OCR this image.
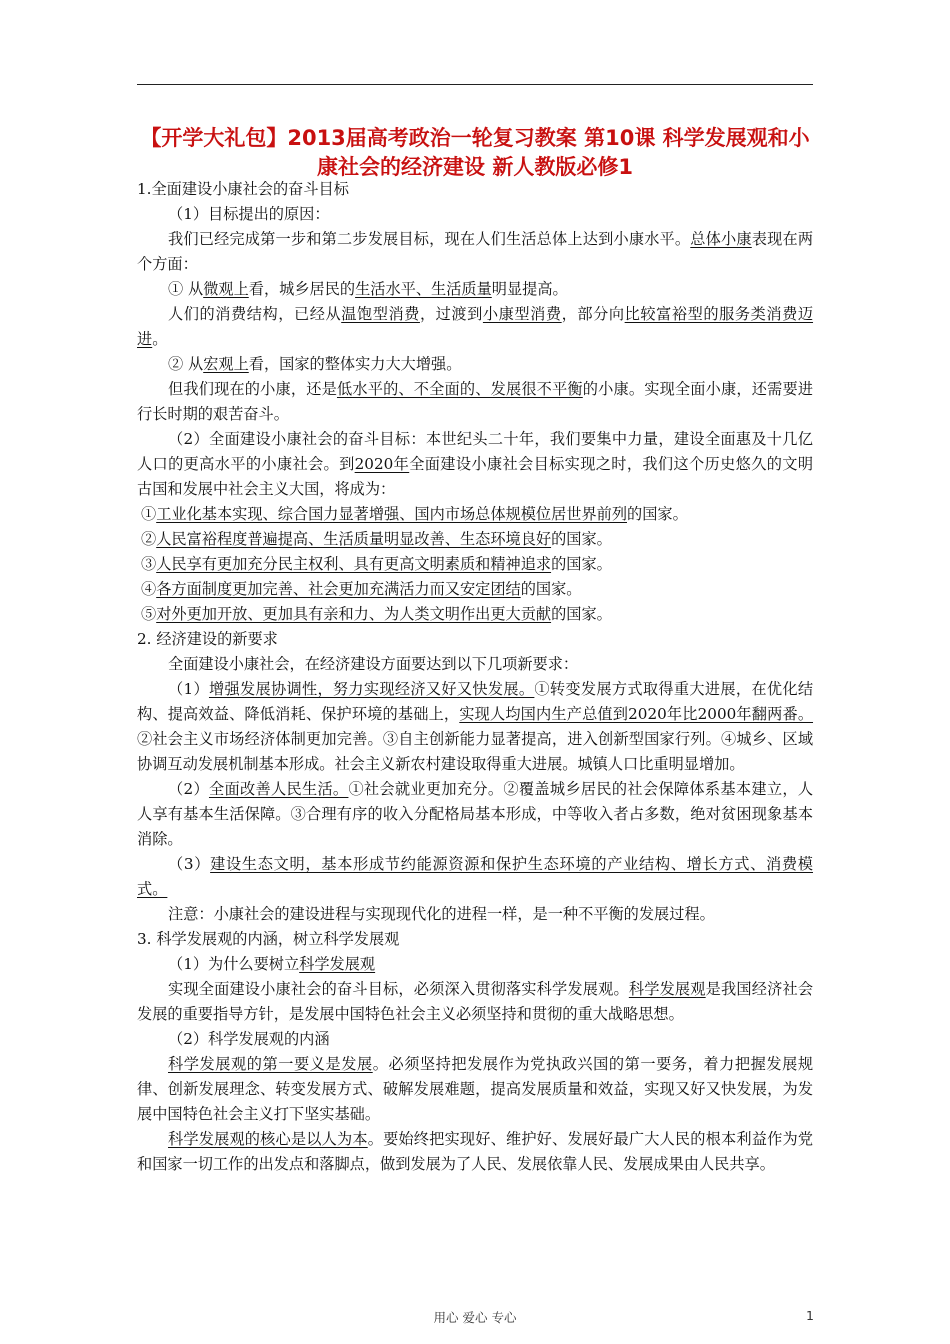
【开学大礼包】2013届高考政治一轮复习教案 第10课 科学发展观和小康社会的经济建设 新人教版必修1

1.全面建设小康社会的奋斗目标

（1）目标提出的原因：

我们已经完成第一步和第二步发展目标，现在人们生活总体上达到小康水平。总体小康表现在两个方面：

① 从微观上看，城乡居民的生活水平、生活质量明显提高。

人们的消费结构，已经从温饱型消费，过渡到小康型消费，部分向比较富裕型的服务类消费迈进。

② 从宏观上看，国家的整体实力大大增强。

但我们现在的小康，还是低水平的、不全面的、发展很不平衡的小康。实现全面小康，还需要进行长时期的艰苦奋斗。

（2）全面建设小康社会的奋斗目标：本世纪头二十年，我们要集中力量，建设全面惠及十几亿人口的更高水平的小康社会。到2020年全面建设小康社会目标实现之时，我们这个历史悠久的文明古国和发展中社会主义大国，将成为：

①工业化基本实现、综合国力显著增强、国内市场总体规模位居世界前列的国家。

②人民富裕程度普遍提高、生活质量明显改善、生态环境良好的国家。

③人民享有更加充分民主权利、具有更高文明素质和精神追求的国家。

④各方面制度更加完善、社会更加充满活力而又安定团结的国家。

⑤对外更加开放、更加具有亲和力、为人类文明作出更大贡献的国家。

2. 经济建设的新要求

全面建设小康社会，在经济建设方面要达到以下几项新要求：

（1）增强发展协调性，努力实现经济又好又快发展。①转变发展方式取得重大进展，在优化结构、提高效益、降低消耗、保护环境的基础上，实现人均国内生产总值到2020年比2000年翻两番。②社会主义市场经济体制更加完善。③自主创新能力显著提高，进入创新型国家行列。④城乡、区域协调互动发展机制基本形成。社会主义新农村建设取得重大进展。城镇人口比重明显增加。

（2）全面改善人民生活。①社会就业更加充分。②覆盖城乡居民的社会保障体系基本建立，人人享有基本生活保障。③合理有序的收入分配格局基本形成，中等收入者占多数，绝对贫困现象基本消除。

（3）建设生态文明，基本形成节约能源资源和保护生态环境的产业结构、增长方式、消费模式。

注意：小康社会的建设进程与实现现代化的进程一样，是一种不平衡的发展过程。

3. 科学发展观的内涵，树立科学发展观

（1）为什么要树立科学发展观

实现全面建设小康社会的奋斗目标，必须深入贯彻落实科学发展观。科学发展观是我国经济社会发展的重要指导方针，是发展中国特色社会主义必须坚持和贯彻的重大战略思想。

（2）科学发展观的内涵

科学发展观的第一要义是发展。必须坚持把发展作为党执政兴国的第一要务，着力把握发展规律、创新发展理念、转变发展方式、破解发展难题，提高发展质量和效益，实现又好又快发展，为发展中国特色社会主义打下坚实基础。

科学发展观的核心是以人为本。要始终把实现好、维护好、发展好最广大人民的根本利益作为党和国家一切工作的出发点和落脚点，做到发展为了人民、发展依靠人民、发展成果由人民共享。

用心 爱心 专心	1
